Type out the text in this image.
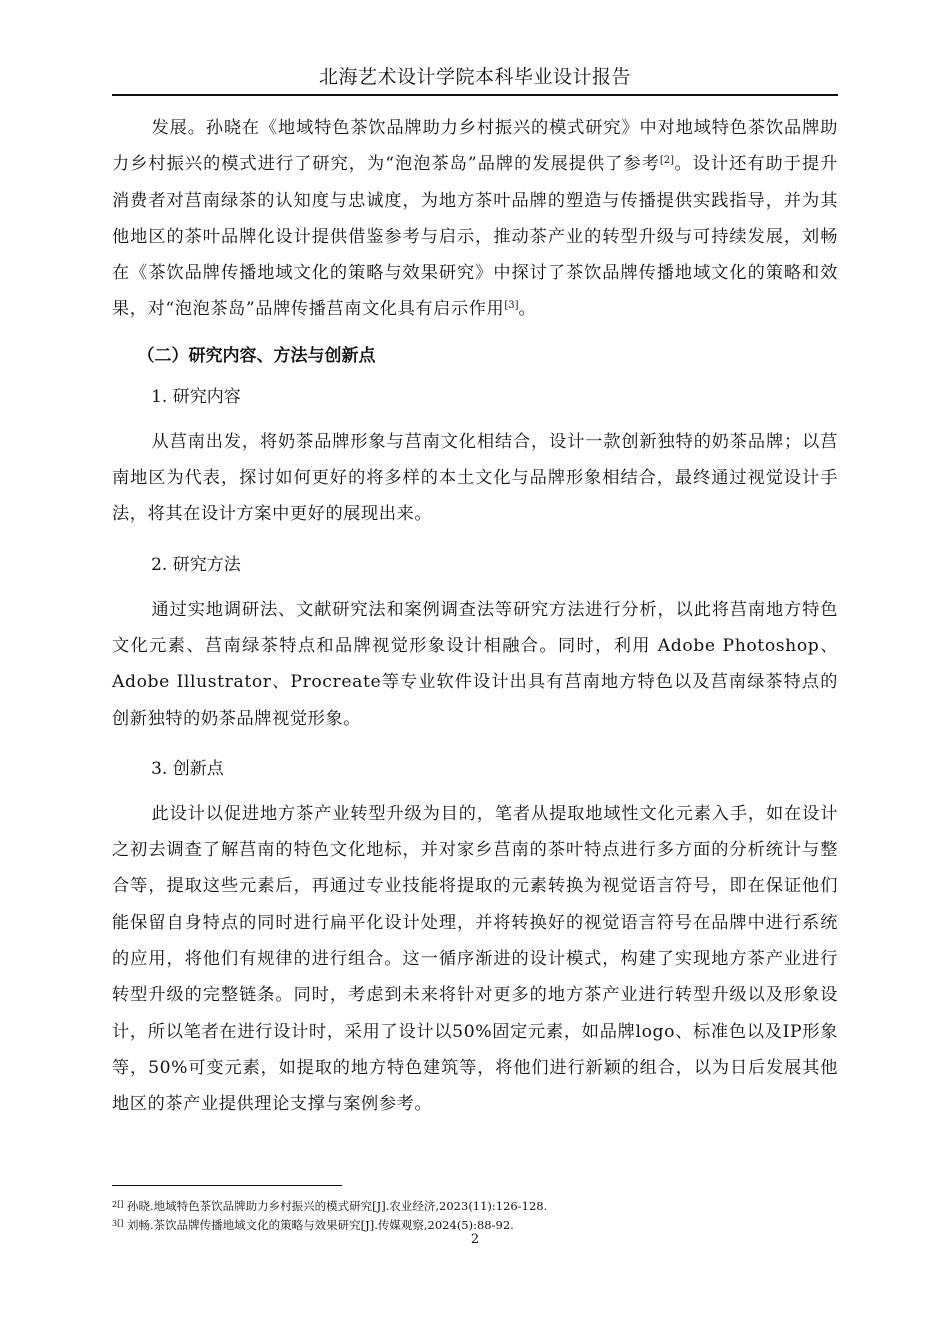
北海艺术设计学院本科毕业设计报告

发展。孙晓在《地域特色茶饮品牌助力乡村振兴的模式研究》中对地域特色茶饮品牌助力乡村振兴的模式进行了研究，为“泡泡茶岛”品牌的发展提供了参考[2]。设计还有助于提升消费者对莒南绿茶的认知度与忠诚度，为地方茶叶品牌的塑造与传播提供实践指导，并为其他地区的茶叶品牌化设计提供借鉴参考与启示，推动茶产业的转型升级与可持续发展，刘畅在《茶饮品牌传播地域文化的策略与效果研究》中探讨了茶饮品牌传播地域文化的策略和效果，对“泡泡茶岛”品牌传播莒南文化具有启示作用[3]。

（二）研究内容、方法与创新点
1. 研究内容

从莒南出发，将奶茶品牌形象与莒南文化相结合，设计一款创新独特的奶茶品牌；以莒南地区为代表，探讨如何更好的将多样的本土文化与品牌形象相结合，最终通过视觉设计手法，将其在设计方案中更好的展现出来。

2. 研究方法

通过实地调研法、文献研究法和案例调查法等研究方法进行分析，以此将莒南地方特色文化元素、莒南绿茶特点和品牌视觉形象设计相融合。同时，利用 Adobe Photoshop、Adobe Illustrator、Procreate等专业软件设计出具有莒南地方特色以及莒南绿茶特点的创新独特的奶茶品牌视觉形象。

3. 创新点

此设计以促进地方茶产业转型升级为目的，笔者从提取地域性文化元素入手，如在设计之初去调查了解莒南的特色文化地标，并对家乡莒南的茶叶特点进行多方面的分析统计与整合等，提取这些元素后，再通过专业技能将提取的元素转换为视觉语言符号，即在保证他们能保留自身特点的同时进行扁平化设计处理，并将转换好的视觉语言符号在品牌中进行系统的应用，将他们有规律的进行组合。这一循序渐进的设计模式，构建了实现地方茶产业进行转型升级的完整链条。同时，考虑到未来将针对更多的地方茶产业进行转型升级以及形象设计，所以笔者在进行设计时，采用了设计以50%固定元素，如品牌logo、标准色以及IP形象等，50%可变元素，如提取的地方特色建筑等，将他们进行新颖的组合，以为日后发展其他地区的茶产业提供理论支撑与案例参考。

$^{2[]}$ 孙晓.地域特色茶饮品牌助力乡村振兴的模式研究[J].农业经济,2023(11):126-128.
$^{3[]}$ 刘畅.茶饮品牌传播地域文化的策略与效果研究[J].传媒观察,2024(5):88-92.
2
